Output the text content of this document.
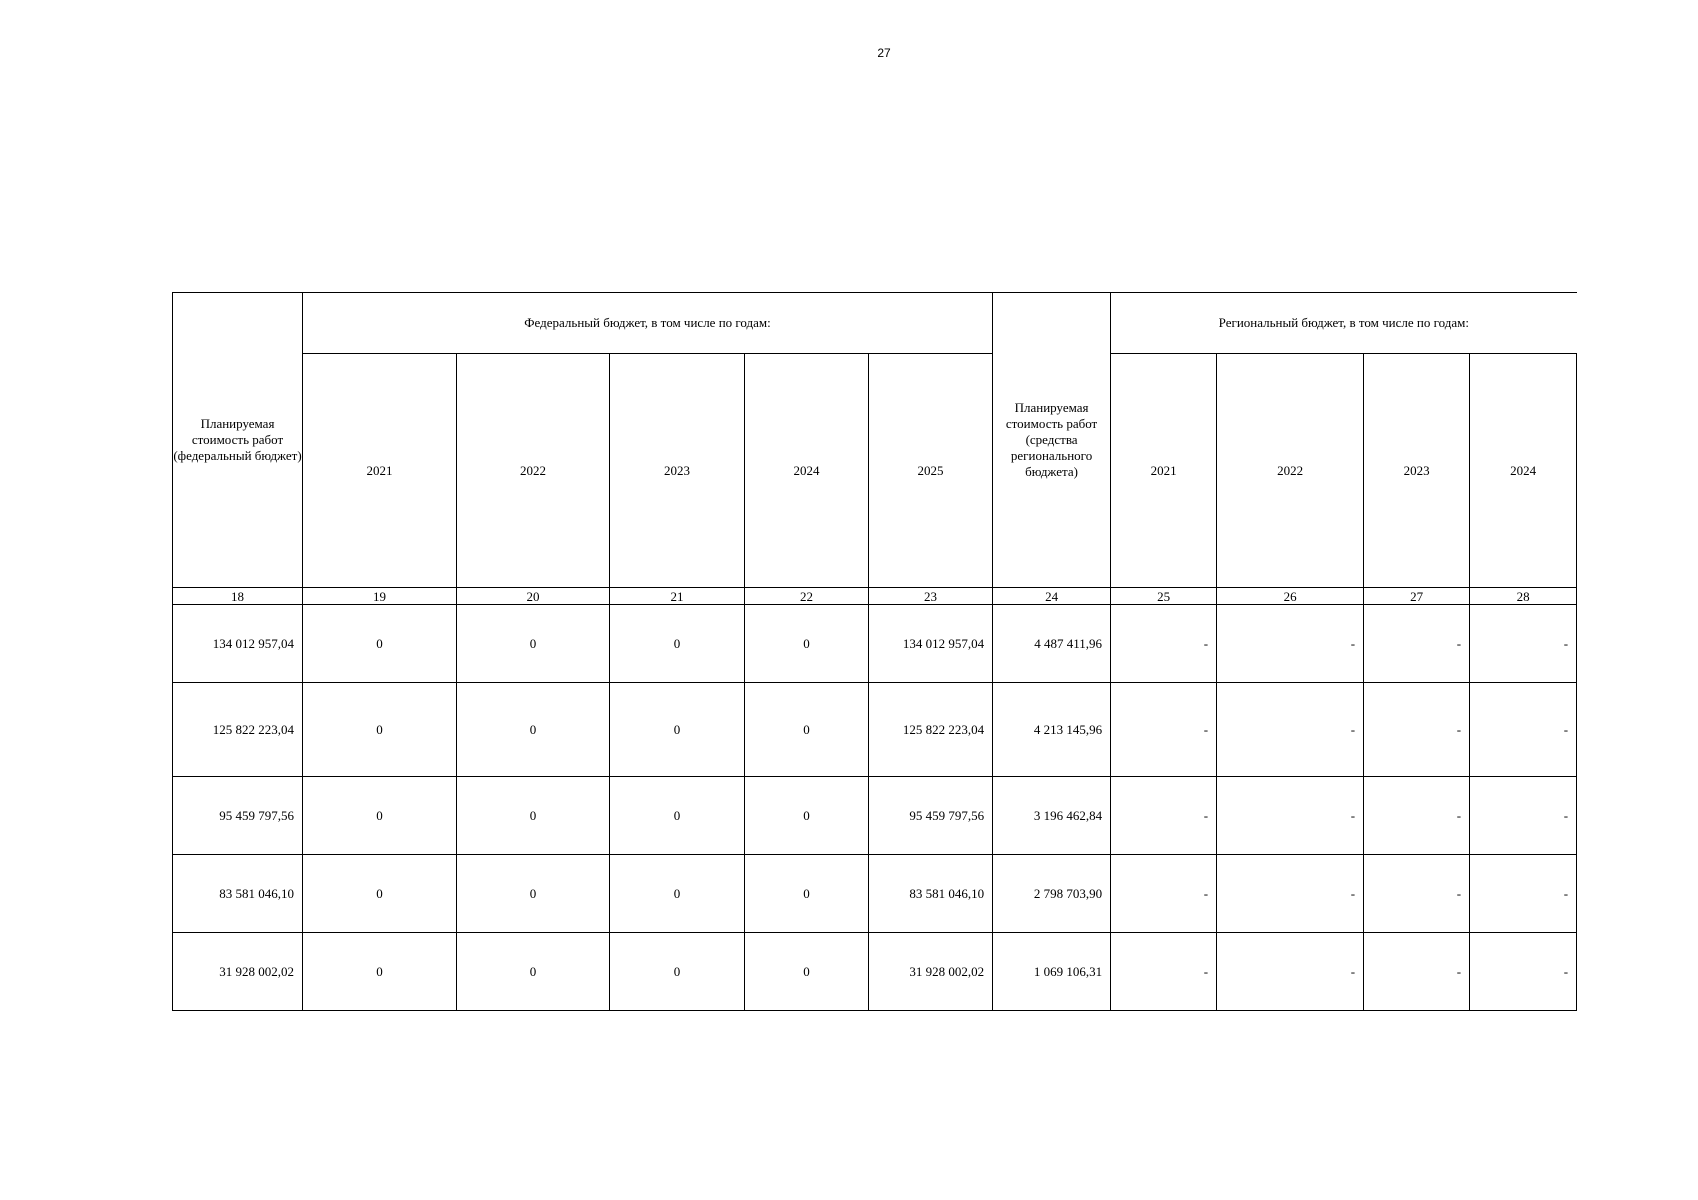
27
Планируемая стоимость работ (федеральный бюджет)	Федеральный бюджет, в том числе по годам:					Планируемая стоимость работ (средства регионального бюджета)	Региональный бюджет, в том числе по годам:			
	2021	2022	2023	2024	2025		2021	2022	2023	2024
18	19	20	21	22	23	24	25	26	27	28
134 012 957,04	0	0	0	0	134 012 957,04	4 487 411,96	-	-	-	-
125 822 223,04	0	0	0	0	125 822 223,04	4 213 145,96	-	-	-	-
95 459 797,56	0	0	0	0	95 459 797,56	3 196 462,84	-	-	-	-
83 581 046,10	0	0	0	0	83 581 046,10	2 798 703,90	-	-	-	-
31 928 002,02	0	0	0	0	31 928 002,02	1 069 106,31	-	-	-	-
